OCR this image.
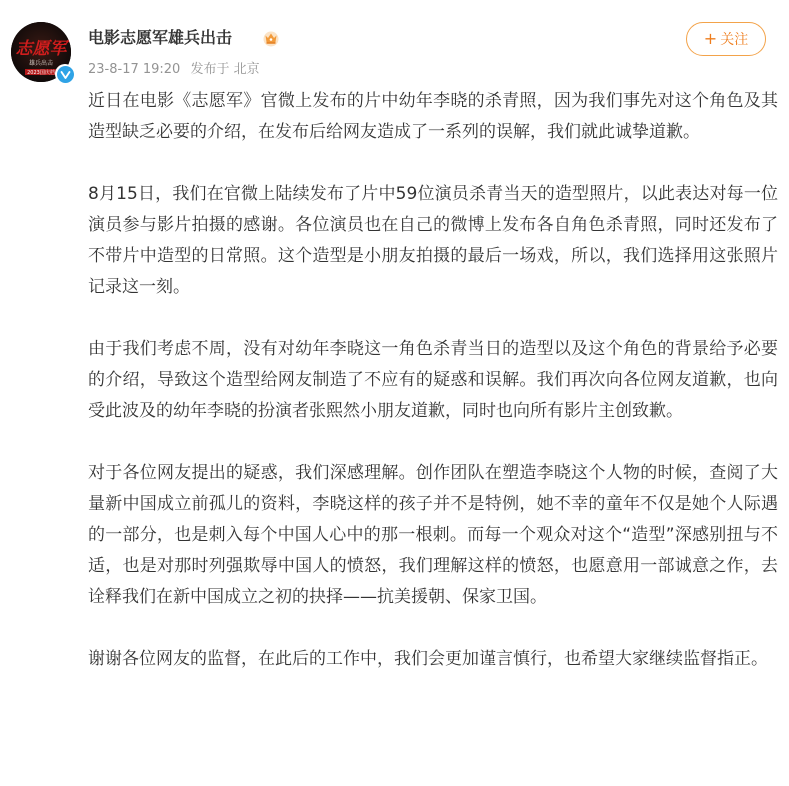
志愿军
雄兵出击
2023国庆档
电影志愿军雄兵出击
23-8-17 19:20 发布于 北京
+ 关注

近日在电影《志愿军》官微上发布的片中幼年李晓的杀青照，因为我们事先对这个角色及其造型缺乏必要的介绍，在发布后给网友造成了一系列的误解，我们就此诚挚道歉。

8月15日，我们在官微上陆续发布了片中59位演员杀青当天的造型照片，以此表达对每一位演员参与影片拍摄的感谢。各位演员也在自己的微博上发布各自角色杀青照，同时还发布了不带片中造型的日常照。这个造型是小朋友拍摄的最后一场戏，所以，我们选择用这张照片记录这一刻。

由于我们考虑不周，没有对幼年李晓这一角色杀青当日的造型以及这个角色的背景给予必要的介绍，导致这个造型给网友制造了不应有的疑惑和误解。我们再次向各位网友道歉，也向受此波及的幼年李晓的扮演者张熙然小朋友道歉，同时也向所有影片主创致歉。

对于各位网友提出的疑惑，我们深感理解。创作团队在塑造李晓这个人物的时候，查阅了大量新中国成立前孤儿的资料，李晓这样的孩子并不是特例，她不幸的童年不仅是她个人际遇的一部分，也是刺入每个中国人心中的那一根刺。而每一个观众对这个“造型”深感别扭与不适，也是对那时列强欺辱中国人的愤怒，我们理解这样的愤怒，也愿意用一部诚意之作，去诠释我们在新中国成立之初的抉择——抗美援朝、保家卫国。

谢谢各位网友的监督，在此后的工作中，我们会更加谨言慎行，也希望大家继续监督指正。
